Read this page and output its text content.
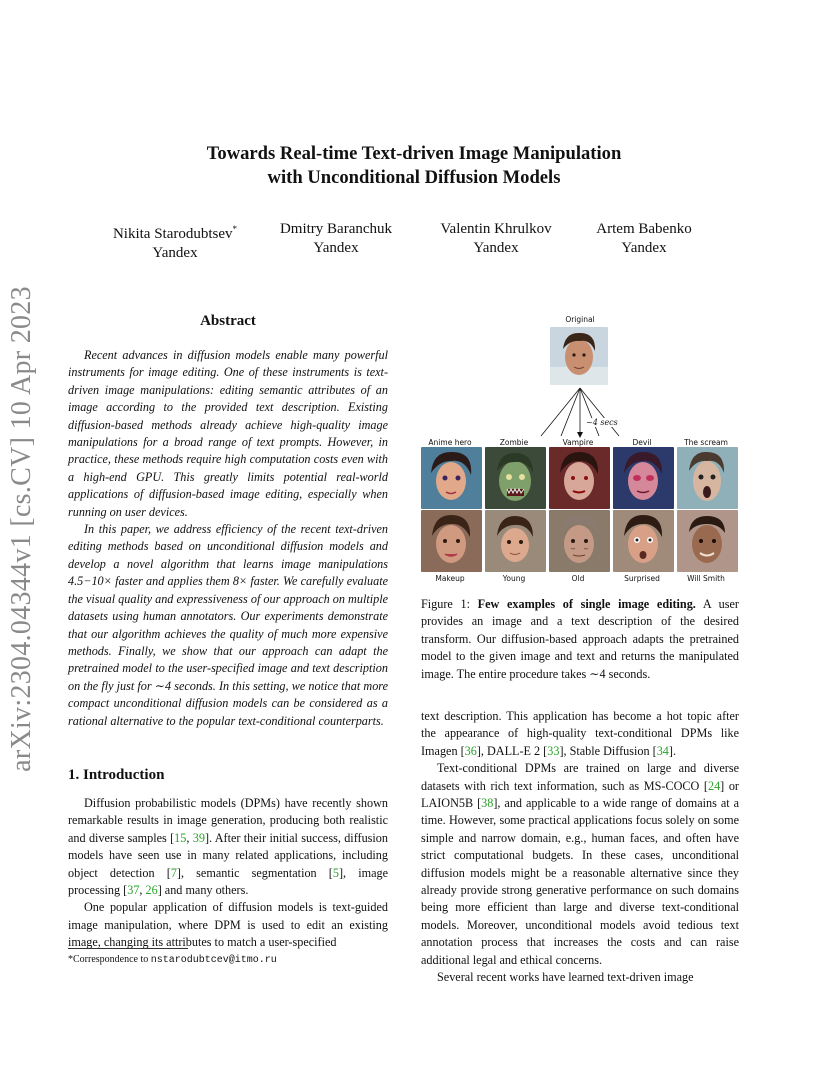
arXiv:2304.04344v1 [cs.CV] 10 Apr 2023
Towards Real-time Text-driven Image Manipulation
with Unconditional Diffusion Models
Nikita Starodubtsev*
Yandex
Dmitry Baranchuk
Yandex
Valentin Khrulkov
Yandex
Artem Babenko
Yandex
Abstract

Recent advances in diffusion models enable many powerful instruments for image editing. One of these instruments is text-driven image manipulations: editing semantic attributes of an image according to the provided text description. Existing diffusion-based methods already achieve high-quality image manipulations for a broad range of text prompts. However, in practice, these methods require high computation costs even with a high-end GPU. This greatly limits potential real-world applications of diffusion-based image editing, especially when running on user devices.

In this paper, we address efficiency of the recent text-driven editing methods based on unconditional diffusion models and develop a novel algorithm that learns image manipulations 4.5−10× faster and applies them 8× faster. We carefully evaluate the visual quality and expressiveness of our approach on multiple datasets using human annotators. Our experiments demonstrate that our algorithm achieves the quality of much more expensive methods. Finally, we show that our approach can adapt the pretrained model to the user-specified image and text description on the fly just for ∼4 seconds. In this setting, we notice that more compact unconditional diffusion models can be considered as a rational alternative to the popular text-conditional counterparts.

1. Introduction

Diffusion probabilistic models (DPMs) have recently shown remarkable results in image generation, producing both realistic and diverse samples [15, 39]. After their initial success, diffusion models have seen use in many related applications, including object detection [7], semantic segmentation [5], image processing [37, 26] and many others.

One popular application of diffusion models is text-guided image manipulation, where DPM is used to edit an existing image, changing its attributes to match a user-specified

*Correspondence to nstarodubtcev@itmo.ru
Original
~4 secs
Anime hero	Zombie	Vampire	Devil	The scream
Makeup	Young	Old	Surprised	Will Smith

Figure 1: Few examples of single image editing. A user provides an image and a text description of the desired transform. Our diffusion-based approach adapts the pretrained model to the given image and text and returns the manipulated image. The entire procedure takes ∼4 seconds.

text description. This application has become a hot topic after the appearance of high-quality text-conditional DPMs like Imagen [36], DALL-E 2 [33], Stable Diffusion [34].

Text-conditional DPMs are trained on large and diverse datasets with rich text information, such as MS-COCO [24] or LAION5B [38], and applicable to a wide range of domains at a time. However, some practical applications focus solely on some simple and narrow domain, e.g., human faces, and often have strict computational budgets. In these cases, unconditional diffusion models might be a reasonable alternative since they already provide strong generative performance on such domains being more efficient than large and diverse text-conditional models. Moreover, unconditional models avoid tedious text annotation process that increases the costs and can raise additional legal and ethical concerns.

Several recent works have learned text-driven image
